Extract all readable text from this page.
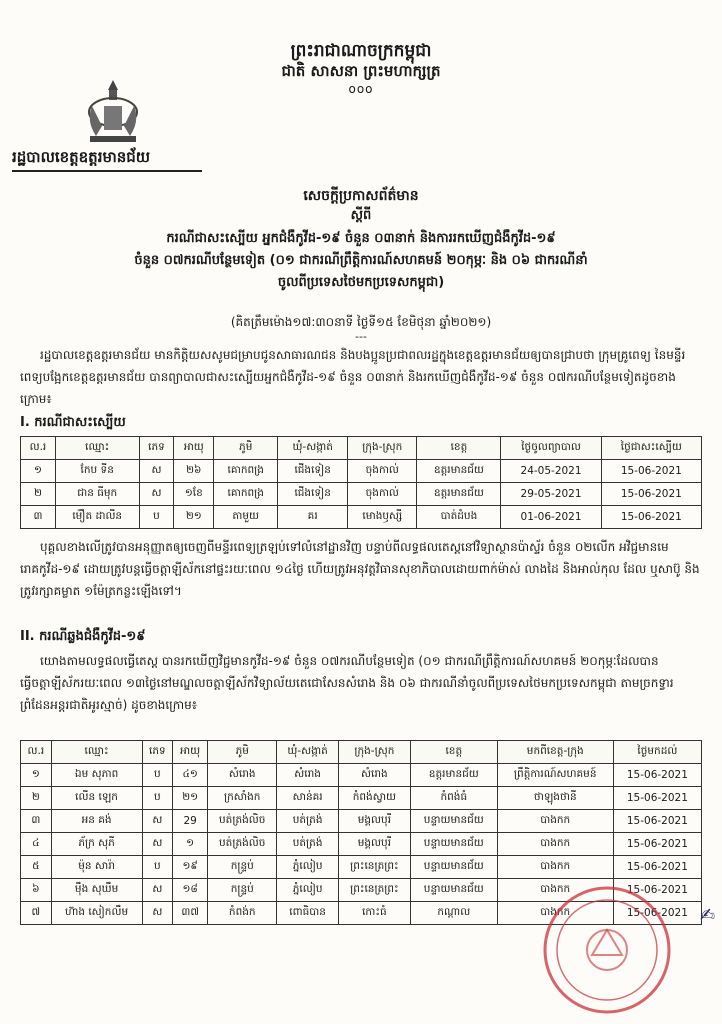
ព្រះរាជាណាចក្រកម្ពុជា
ជាតិ សាសនា ព្រះមហាក្សត្រ
ooo
រដ្ឋបាលខេត្តឧត្តរមានជ័យ
សេចក្ដីប្រកាសព័ត៌មាន
ស្ដីពី
ករណីជាសះស្បើយ អ្នកជំងឺកូវីដ-១៩ ចំនួន ០៣នាក់ និងការរកឃើញជំងឺកូវីដ-១៩
ចំនួន ០៧ករណីបន្ថែមទៀត (០១ ជាករណីព្រឹត្តិការណ៍សហគមន៍ ២០កុម្ភៈ និង ០៦ ជាករណីនាំ
ចូលពីប្រទេសថៃមកប្រទេសកម្ពុជា)
(គិតត្រឹមម៉ោង១៧:៣០នាទី ថ្ងៃទី១៥ ខែមិថុនា ឆ្នាំ២០២១)
---
រដ្ឋបាលខេត្តឧត្តរមានជ័យ មានកិត្តិយសសូមជម្រាបជូនសាធារណជន និងបងប្អូនប្រជាពលរដ្ឋក្នុងខេត្តឧត្តរមានជ័យឲ្យបានជ្រាបថា ក្រុមគ្រូពេទ្យ នៃមន្ទីរពេទ្យបង្អែកខេត្តឧត្តរមានជ័យ បានព្យាបាលជាសះស្បើយអ្នកជំងឺកូវីដ-១៩ ចំនួន ០៣នាក់ និងរកឃើញជំងឺកូវីដ-១៩ ចំនួន ០៧ករណីបន្ថែមទៀតដូចខាងក្រោម៖
I. ករណីជាសះស្បើយ
ល.រ	ឈ្មោះ	ភេទ	អាយុ	ភូមិ	ឃុំ-សង្កាត់	ក្រុង-ស្រុក	ខេត្ត	ថ្ងៃចូលព្យាបាល	ថ្ងៃជាសះស្បើយ
១	កែប ទីន	ស	២៦	គោកពង្រ	ជើងទៀន	ចុងកាល់	ឧត្តរមានជ័យ	24-05-2021	15-06-2021
២	ជាន ធីមុក	ស	១ខែ	គោកពង្រ	ជើងទៀន	ចុងកាល់	ឧត្តរមានជ័យ	29-05-2021	15-06-2021
៣	ម៉ឿត ដាលីន	ប	២១	តាមួយ	គរ	មោងឫស្សី	បាត់ដំបង	01-06-2021	15-06-2021
បុគ្គលខាងលើត្រូវបានអនុញ្ញាតឲ្យចេញពីមន្ទីរពេទ្យត្រឡប់ទៅលំនៅដ្ឋានវិញ បន្ទាប់ពីលទ្ធផលតេស្តនៅវិទ្យាស្ថានប៉ាស្ទ័រ ចំនួន ០២លើក អវិជ្ជមានមេរោគកូវីដ-១៩ ដោយត្រូវបន្តធ្វើចត្តាឡីស័កនៅផ្ទះរយៈពេល ១៤ថ្ងៃ ហើយត្រូវអនុវត្តវិធានសុខាភិបាលដោយពាក់ម៉ាស់ លាងដៃ និងអាល់កុល ដែល ឬសាប៊ូ និងត្រូវរក្សាគម្លាត ១ម៉ែត្រកន្លះឡើងទៅ។
II. ករណីឆ្លងជំងឺកូវីដ-១៩
យោងតាមលទ្ធផលធ្វើតេស្ត បានរកឃើញវិជ្ជមានកូវីដ-១៩ ចំនួន ០៧ករណីបន្ថែមទៀត (០១ ជាករណីព្រឹត្តិការណ៍សហគមន៍ ២០កុម្ភៈដែលបានធ្វើចត្តាឡីស័ករយៈពេល ១៣ថ្ងៃនៅមណ្ឌលចត្តាឡីស័កវិទ្យាល័យតេជោសែនសំរោង និង ០៦ ជាករណីនាំចូលពីប្រទេសថៃមកប្រទេសកម្ពុជា តាមច្រកទ្វារព្រំដែនអន្តរជាតិអូរស្មាច់) ដូចខាងក្រោម៖
ល.រ	ឈ្មោះ	ភេទ	អាយុ	ភូមិ	ឃុំ-សង្កាត់	ក្រុង-ស្រុក	ខេត្ត	មកពីខេត្ត-ក្រុង	ថ្ងៃមកដល់
១	ឯម សុភាព	ប	៤១	សំរោង	សំរោង	សំរោង	ឧត្តរមានជ័យ	ព្រឹត្តិការណ៍សហគមន៍	15-06-2021
២	លើន ឡេក	ប	២១	ក្រសាំងក	សាន់គរ	កំពង់ស្វាយ	កំពង់ធំ	ថាឡុងថានី	15-06-2021
៣	អន គង់	ស	29	បត់ត្រង់លិច	បត់ត្រង់	មង្គលបុរី	បន្ទាយមានជ័យ	បាងកក	15-06-2021
៤	ភ័ក្រ សុភី	ស	១	បត់ត្រង់លិច	បត់ត្រង់	មង្គលបុរី	បន្ទាយមានជ័យ	បាងកក	15-06-2021
៥	ម៉ុន សារ៉ា	ប	១៩	កន្ទ្រប់	ភ្នំលៀប	ព្រះនេត្រព្រះ	បន្ទាយមានជ័យ	បាងកក	15-06-2021
៦	ម៉ឹង សុឃឹម	ស	១៨	កន្ទ្រប់	ភ្នំលៀប	ព្រះនេត្រព្រះ	បន្ទាយមានជ័យ	បាងកក	15-06-2021
៧	ហ៊ាង សៀកលឹម	ស	៣៧	កំពង់ក	ពោធិបាន	កោះធំ	កណ្ដាល	បាងកក	15-06-2021 ✍
